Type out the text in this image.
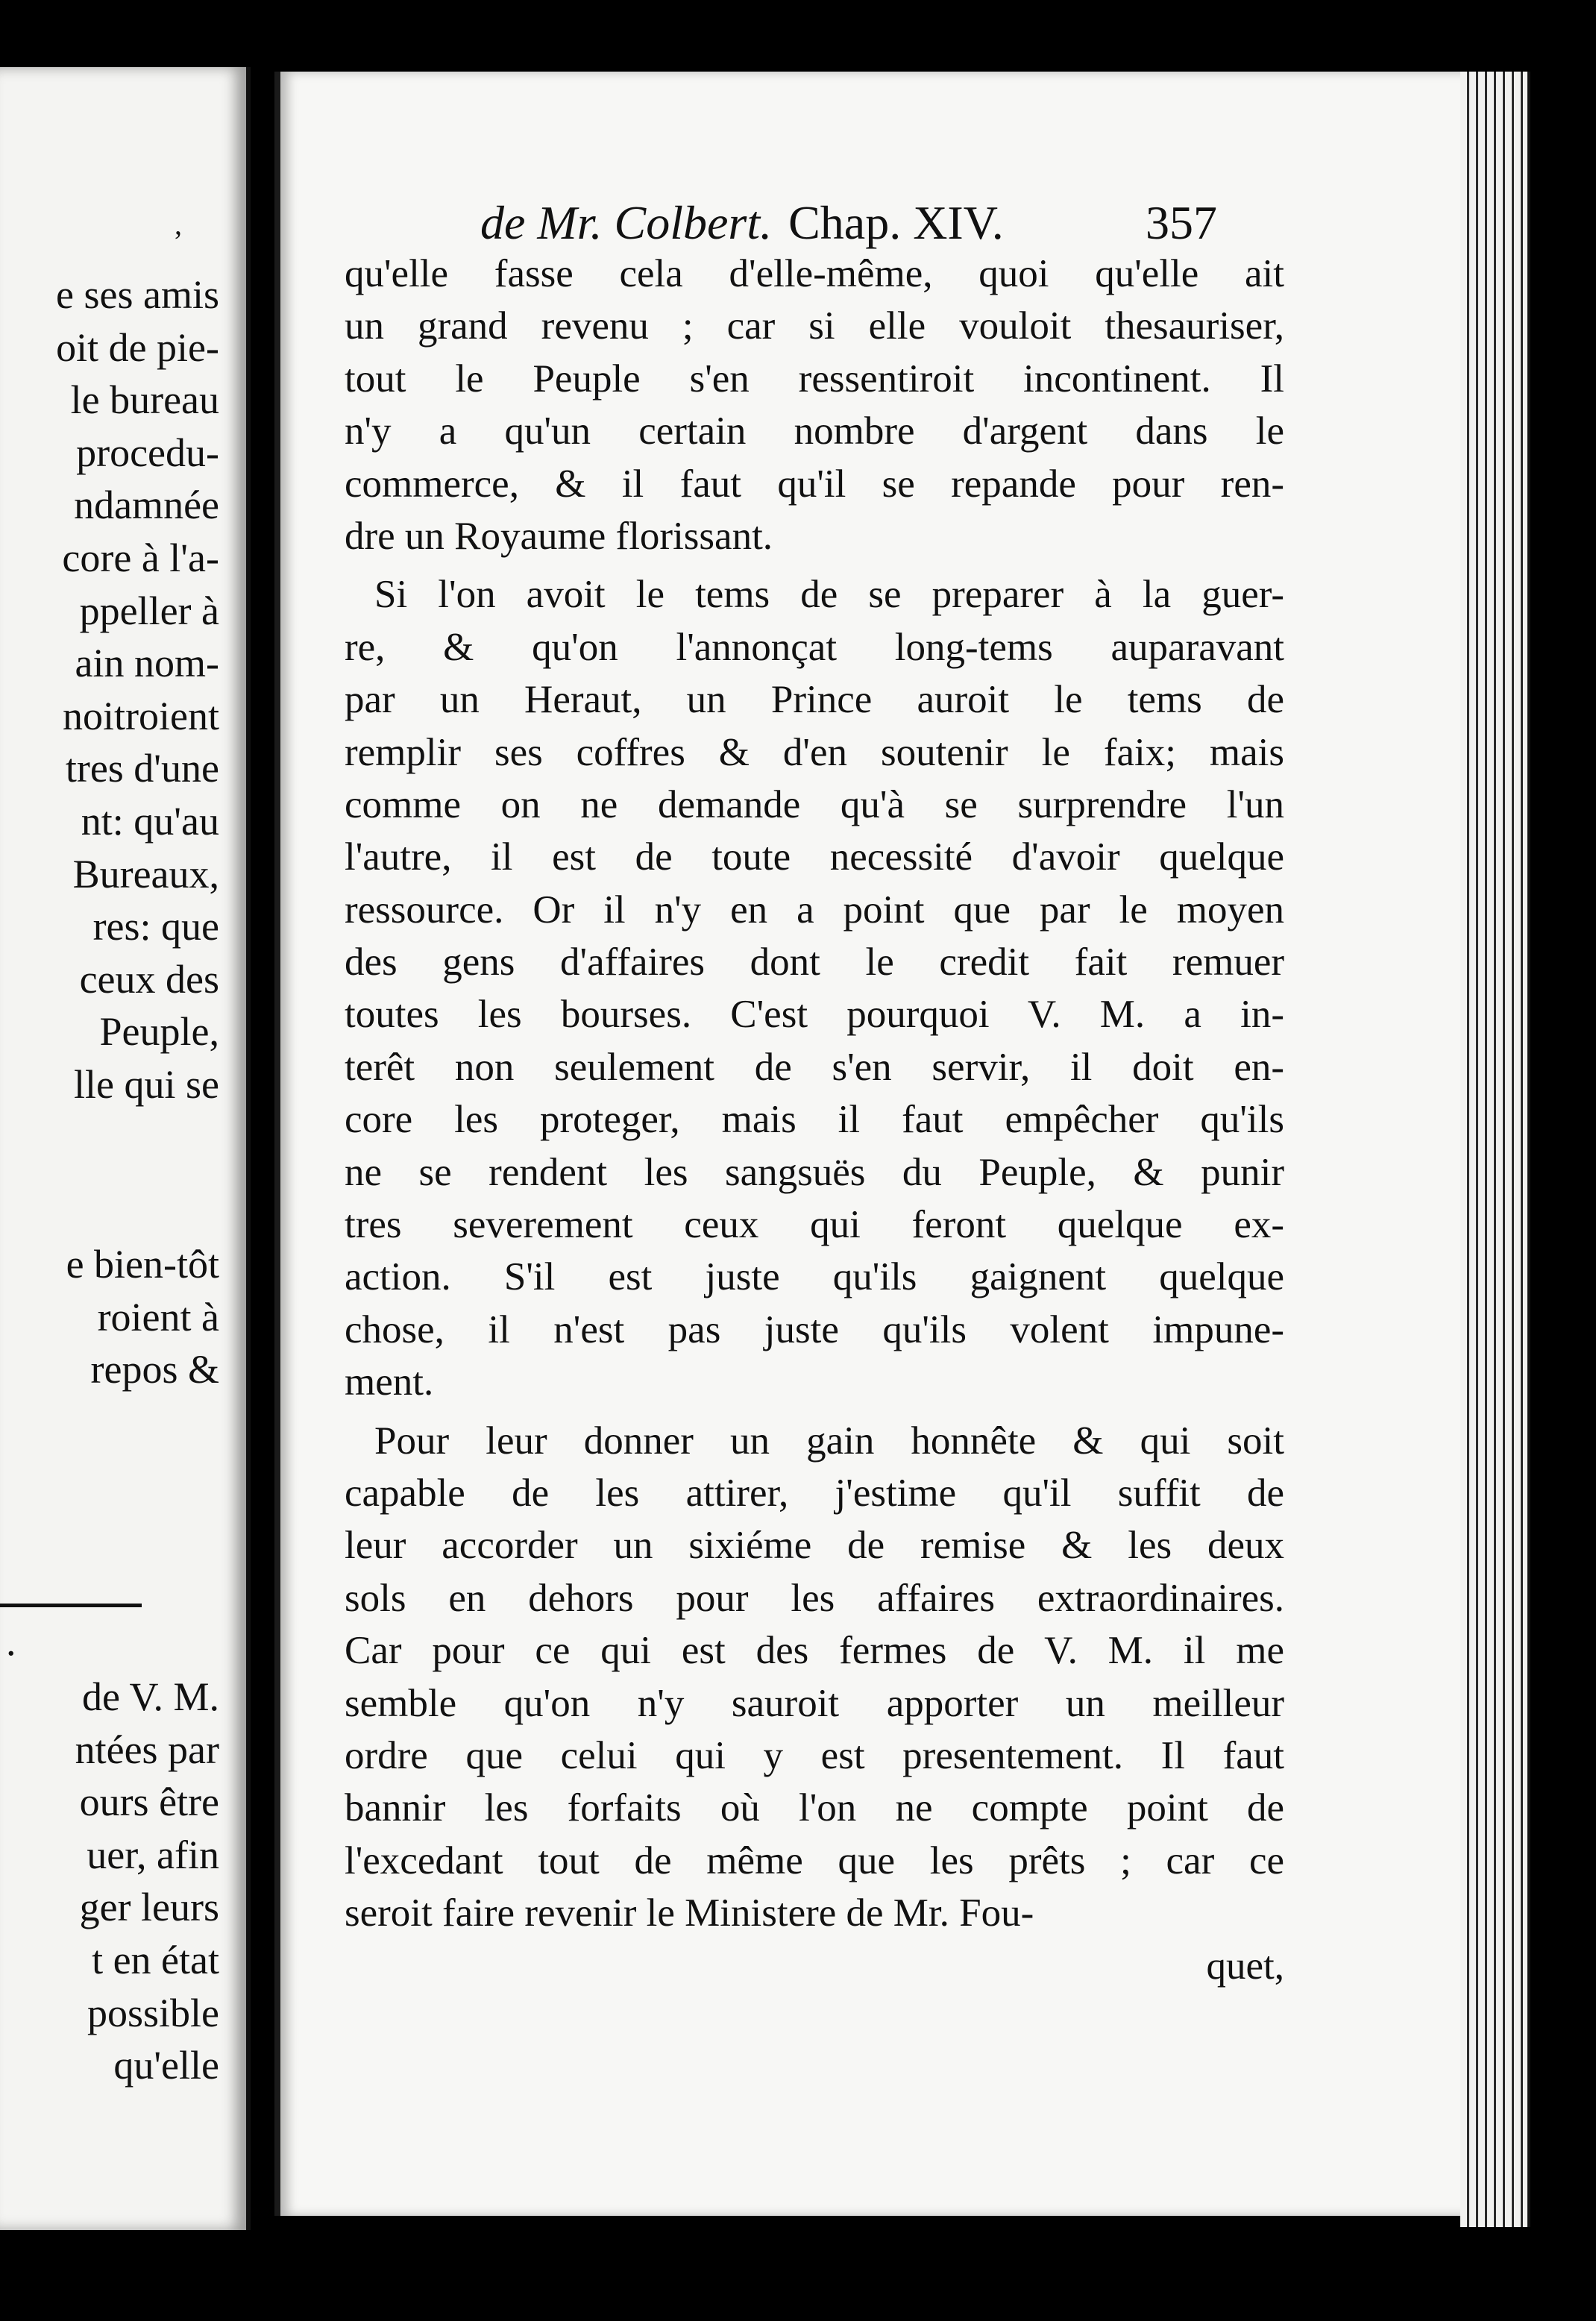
ʼ
e ses amis
oit de pie-
le bureau
procedu-
ndamnée
core à l'a-
ppeller à
ain nom-
noitroient
tres d'une
nt: qu'au
Bureaux,
res: que
ceux des
Peuple,
lle qui se
e bien-tôt
roient à
repos &
.
de V. M.
ntées par
ours être
uer, afin
ger leurs
t en état
possible
qu'elle
de Mr. Colbert. Chap. XIV.	357
qu'elle fasse cela d'elle-même, quoi qu'elle ait
un grand revenu ; car si elle vouloit thesauriser,
tout le Peuple s'en ressentiroit incontinent. Il
n'y a qu'un certain nombre d'argent dans le
commerce, & il faut qu'il se repande pour ren-
dre un Royaume florissant.
Si l'on avoit le tems de se preparer à la guer-
re, & qu'on l'annonçat long-tems auparavant
par un Heraut, un Prince auroit le tems de
remplir ses coffres & d'en soutenir le faix; mais
comme on ne demande qu'à se surprendre l'un
l'autre, il est de toute necessité d'avoir quelque
ressource. Or il n'y en a point que par le moyen
des gens d'affaires dont le credit fait remuer
toutes les bourses. C'est pourquoi V. M. a in-
terêt non seulement de s'en servir, il doit en-
core les proteger, mais il faut empêcher qu'ils
ne se rendent les sangsuës du Peuple, & punir
tres severement ceux qui feront quelque ex-
action. S'il est juste qu'ils gaignent quelque
chose, il n'est pas juste qu'ils volent impune-
ment.
Pour leur donner un gain honnête & qui soit
capable de les attirer, j'estime qu'il suffit de
leur accorder un sixiéme de remise & les deux
sols en dehors pour les affaires extraordinaires.
Car pour ce qui est des fermes de V. M. il me
semble qu'on n'y sauroit apporter un meilleur
ordre que celui qui y est presentement. Il faut
bannir les forfaits où l'on ne compte point de
l'excedant tout de même que les prêts ; car ce
seroit faire revenir le Ministere de Mr. Fou-
quet,
